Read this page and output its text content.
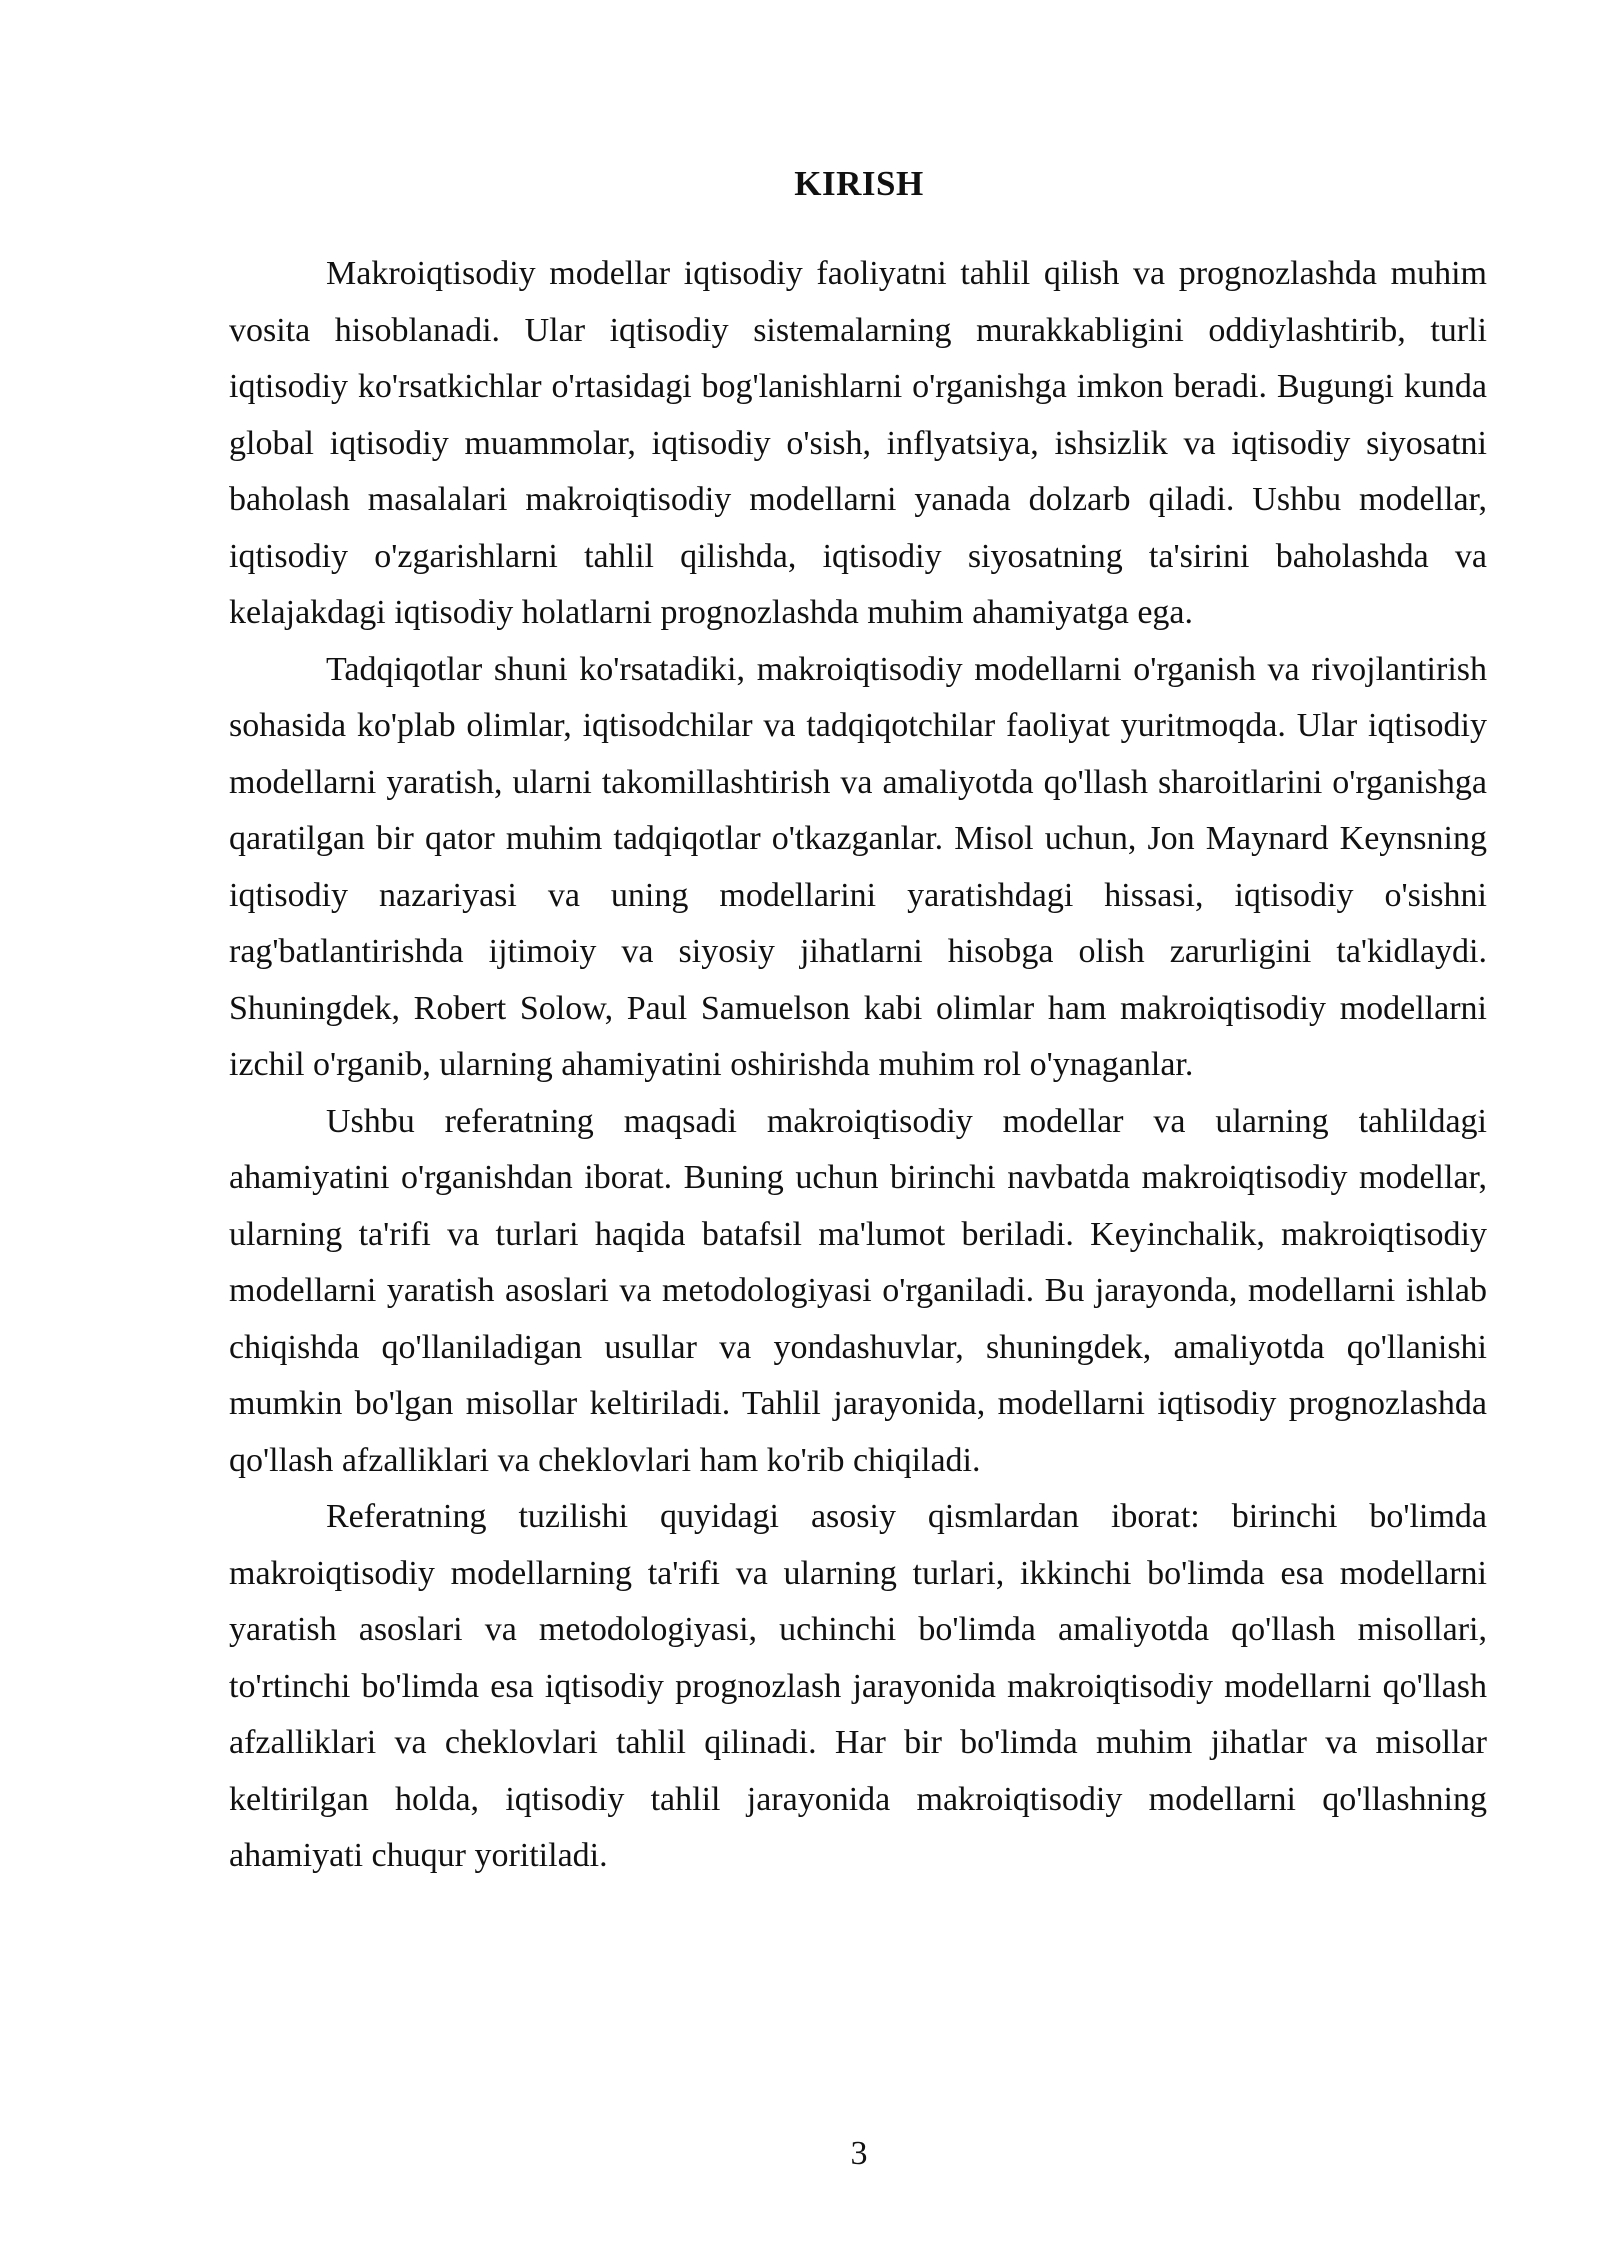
KIRISH

Makroiqtisodiy modellar iqtisodiy faoliyatni tahlil qilish va prognozlashda muhim vosita hisoblanadi. Ular iqtisodiy sistemalarning murakkabligini oddiylashtirib, turli iqtisodiy ko'rsatkichlar o'rtasidagi bog'lanishlarni o'rganishga imkon beradi. Bugungi kunda global iqtisodiy muammolar, iqtisodiy o'sish, inflyatsiya, ishsizlik va iqtisodiy siyosatni baholash masalalari makroiqtisodiy modellarni yanada dolzarb qiladi. Ushbu modellar, iqtisodiy o'zgarishlarni tahlil qilishda, iqtisodiy siyosatning ta'sirini baholashda va kelajakdagi iqtisodiy holatlarni prognozlashda muhim ahamiyatga ega.

Tadqiqotlar shuni ko'rsatadiki, makroiqtisodiy modellarni o'rganish va rivojlantirish sohasida ko'plab olimlar, iqtisodchilar va tadqiqotchilar faoliyat yuritmoqda. Ular iqtisodiy modellarni yaratish, ularni takomillashtirish va amaliyotda qo'llash sharoitlarini o'rganishga qaratilgan bir qator muhim tadqiqotlar o'tkazganlar. Misol uchun, Jon Maynard Keynsning iqtisodiy nazariyasi va uning modellarini yaratishdagi hissasi, iqtisodiy o'sishni rag'batlantirishda ijtimoiy va siyosiy jihatlarni hisobga olish zarurligini ta'kidlaydi. Shuningdek, Robert Solow, Paul Samuelson kabi olimlar ham makroiqtisodiy modellarni izchil o'rganib, ularning ahamiyatini oshirishda muhim rol o'ynaganlar.

Ushbu referatning maqsadi makroiqtisodiy modellar va ularning tahlildagi ahamiyatini o'rganishdan iborat. Buning uchun birinchi navbatda makroiqtisodiy modellar, ularning ta'rifi va turlari haqida batafsil ma'lumot beriladi. Keyinchalik, makroiqtisodiy modellarni yaratish asoslari va metodologiyasi o'rganiladi. Bu jarayonda, modellarni ishlab chiqishda qo'llaniladigan usullar va yondashuvlar, shuningdek, amaliyotda qo'llanishi mumkin bo'lgan misollar keltiriladi. Tahlil jarayonida, modellarni iqtisodiy prognozlashda qo'llash afzalliklari va cheklovlari ham ko'rib chiqiladi.

Referatning tuzilishi quyidagi asosiy qismlardan iborat: birinchi bo'limda makroiqtisodiy modellarning ta'rifi va ularning turlari, ikkinchi bo'limda esa modellarni yaratish asoslari va metodologiyasi, uchinchi bo'limda amaliyotda qo'llash misollari, to'rtinchi bo'limda esa iqtisodiy prognozlash jarayonida makroiqtisodiy modellarni qo'llash afzalliklari va cheklovlari tahlil qilinadi. Har bir bo'limda muhim jihatlar va misollar keltirilgan holda, iqtisodiy tahlil jarayonida makroiqtisodiy modellarni qo'llashning ahamiyati chuqur yoritiladi.

3
